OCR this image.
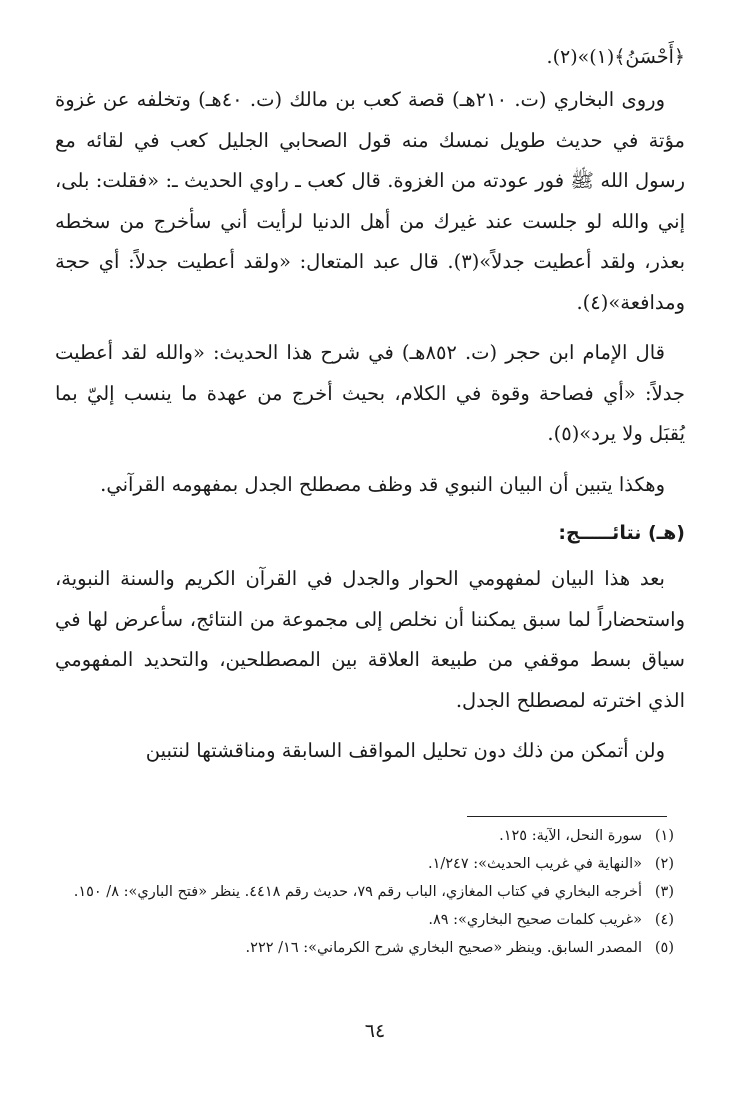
﴿أَحْسَنُ﴾(١)»(٢).

وروى البخاري (ت. ٢١٠هـ) قصة كعب بن مالك (ت. ٤٠هـ) وتخلفه عن غزوة مؤتة في حديث طويل نمسك منه قول الصحابي الجليل كعب في لقائه مع رسول الله ﷺ فور عودته من الغزوة. قال كعب ـ راوي الحديث ـ: «فقلت: بلى، إني والله لو جلست عند غيرك من أهل الدنيا لرأيت أني سأخرج من سخطه بعذر، ولقد أعطيت جدلاً»(٣). قال عبد المتعال: «ولقد أعطيت جدلاً: أي حجة ومدافعة»(٤).

قال الإمام ابن حجر (ت. ٨٥٢هـ) في شرح هذا الحديث: «والله لقد أعطيت جدلاً: «أي فصاحة وقوة في الكلام، بحيث أخرج من عهدة ما ينسب إليّ بما يُقبَل ولا يرد»(٥).

وهكذا يتبين أن البيان النبوي قد وظف مصطلح الجدل بمفهومه القرآني.

(هـ) نتائـــــج:

بعد هذا البيان لمفهومي الحوار والجدل في القرآن الكريم والسنة النبوية، واستحضاراً لما سبق يمكننا أن نخلص إلى مجموعة من النتائج، سأعرض لها في سياق بسط موقفي من طبيعة العلاقة بين المصطلحين، والتحديد المفهومي الذي اخترته لمصطلح الجدل.

ولن أتمكن من ذلك دون تحليل المواقف السابقة ومناقشتها لنتبين

(١)
سورة النحل، الآية: ١٢٥.
(٢)
«النهاية في غريب الحديث»: ١/٢٤٧.
(٣)
أخرجه البخاري في كتاب المغازي، الباب رقم ٧٩، حديث رقم ٤٤١٨. ينظر «فتح الباري»: ٨/ ١٥٠.
(٤)
«غريب كلمات صحيح البخاري»: ٨٩.
(٥)
المصدر السابق. وينظر «صحيح البخاري شرح الكرماني»: ١٦/ ٢٢٢.
٦٤
